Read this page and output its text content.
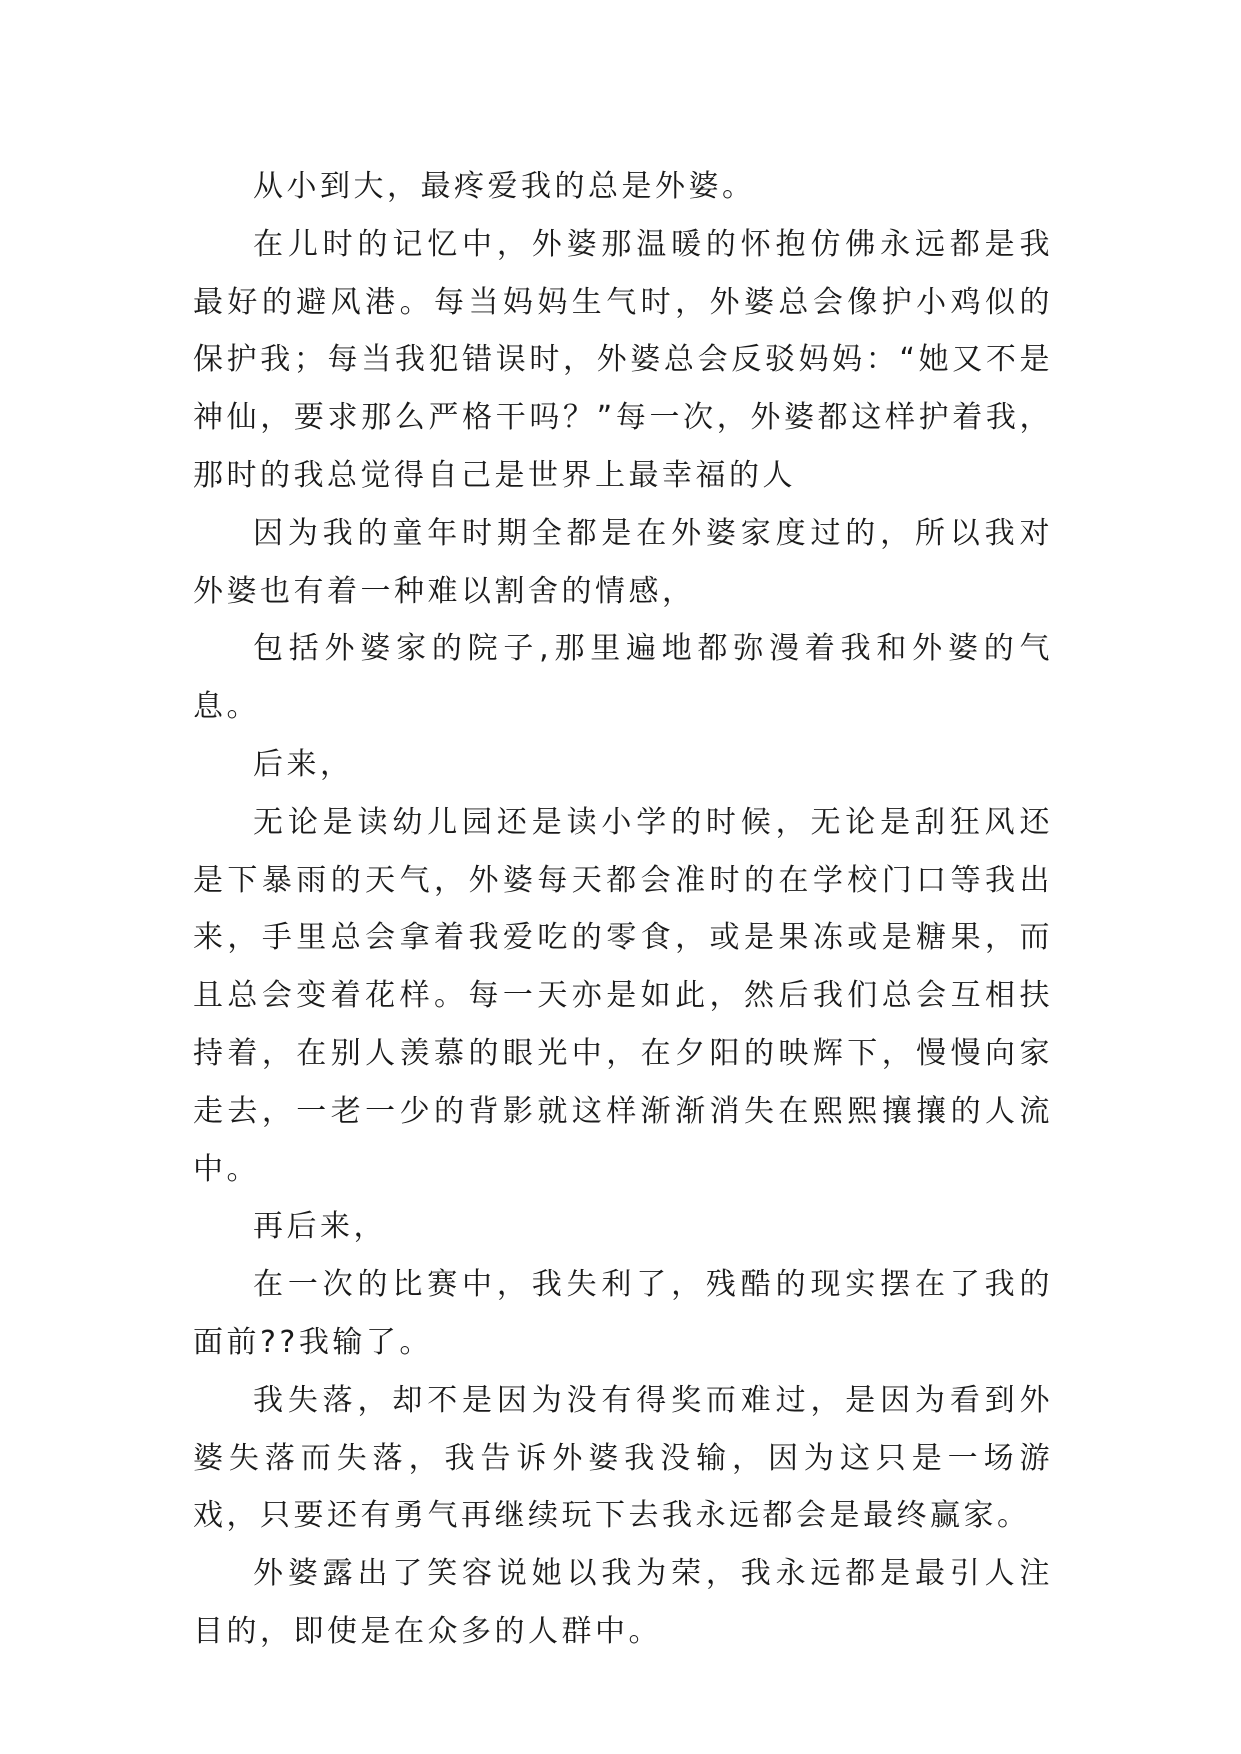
从小到大，最疼爱我的总是外婆。

在儿时的记忆中，外婆那温暖的怀抱仿佛永远都是我最好的避风港。每当妈妈生气时，外婆总会像护小鸡似的保护我；每当我犯错误时，外婆总会反驳妈妈：“她又不是神仙，要求那么严格干吗？”每一次，外婆都这样护着我，那时的我总觉得自己是世界上最幸福的人

因为我的童年时期全都是在外婆家度过的，所以我对外婆也有着一种难以割舍的情感，

包括外婆家的院子,那里遍地都弥漫着我和外婆的气息。

后来，

无论是读幼儿园还是读小学的时候，无论是刮狂风还是下暴雨的天气，外婆每天都会准时的在学校门口等我出来，手里总会拿着我爱吃的零食，或是果冻或是糖果，而且总会变着花样。每一天亦是如此，然后我们总会互相扶持着，在别人羡慕的眼光中，在夕阳的映辉下，慢慢向家走去，一老一少的背影就这样渐渐消失在熙熙攘攘的人流中。

再后来，

在一次的比赛中，我失利了，残酷的现实摆在了我的面前??我输了。

我失落，却不是因为没有得奖而难过，是因为看到外婆失落而失落，我告诉外婆我没输，因为这只是一场游戏，只要还有勇气再继续玩下去我永远都会是最终赢家。

外婆露出了笑容说她以我为荣，我永远都是最引人注目的，即使是在众多的人群中。
